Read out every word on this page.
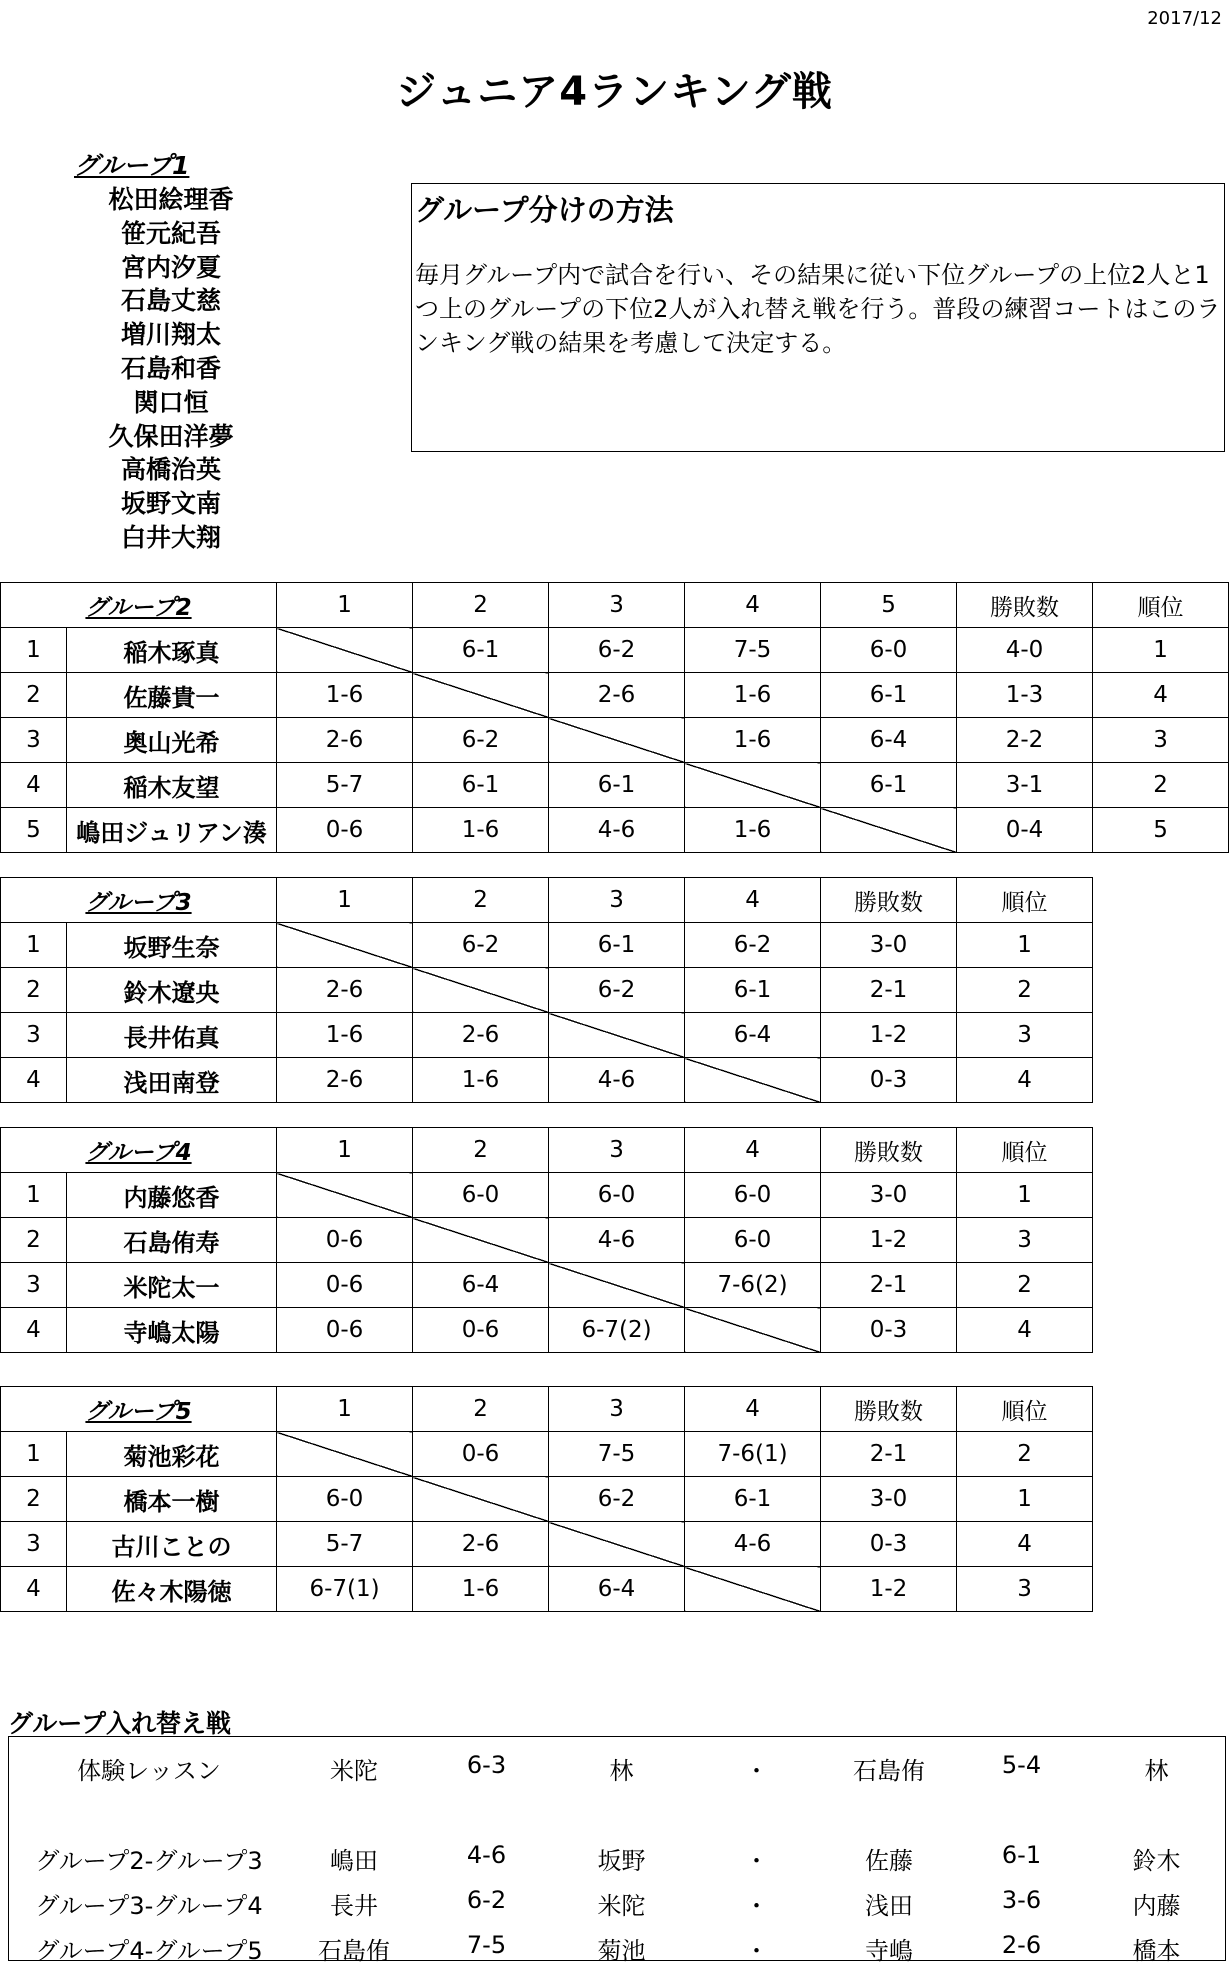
2017/12
ジュニア4ランキング戦
グループ1
松田絵理香
笹元紀吾
宮内汐夏
石島丈慈
増川翔太
石島和香
関口恒
久保田洋夢
高橋治英
坂野文南
白井大翔
グループ分けの方法
毎月グループ内で試合を行い、その結果に従い下位グループの上位2人と1つ上のグループの下位2人が入れ替え戦を行う。普段の練習コートはこのランキング戦の結果を考慮して決定する。
グループ2		1	2	3	4	5	勝敗数	順位
1	稲木琢真		6-1	6-2	7-5	6-0	4-0	1
2	佐藤貴一	1-6		2-6	1-6	6-1	1-3	4
3	奥山光希	2-6	6-2		1-6	6-4	2-2	3
4	稲木友望	5-7	6-1	6-1		6-1	3-1	2
5	嶋田ジュリアン湊	0-6	1-6	4-6	1-6		0-4	5
グループ3		1	2	3	4	勝敗数	順位
1	坂野生奈		6-2	6-1	6-2	3-0	1
2	鈴木遼央	2-6		6-2	6-1	2-1	2
3	長井佑真	1-6	2-6		6-4	1-2	3
4	浅田南登	2-6	1-6	4-6		0-3	4
グループ4		1	2	3	4	勝敗数	順位
1	内藤悠香		6-0	6-0	6-0	3-0	1
2	石島侑寿	0-6		4-6	6-0	1-2	3
3	米陀太一	0-6	6-4		7-6(2)	2-1	2
4	寺嶋太陽	0-6	0-6	6-7(2)		0-3	4
グループ5		1	2	3	4	勝敗数	順位
1	菊池彩花		0-6	7-5	7-6(1)	2-1	2
2	橋本一樹	6-0		6-2	6-1	3-0	1
3	古川ことの	5-7	2-6		4-6	0-3	4
4	佐々木陽徳	6-7(1)	1-6	6-4		1-2	3
グループ入れ替え戦
体験レッスン	米陀	6-3	林	・	石島侑	5-4	林
グループ2-グループ3	嶋田	4-6	坂野	・	佐藤	6-1	鈴木
グループ3-グループ4	長井	6-2	米陀	・	浅田	3-6	内藤
グループ4-グループ5	石島侑	7-5	菊池	・	寺嶋	2-6	橋本
